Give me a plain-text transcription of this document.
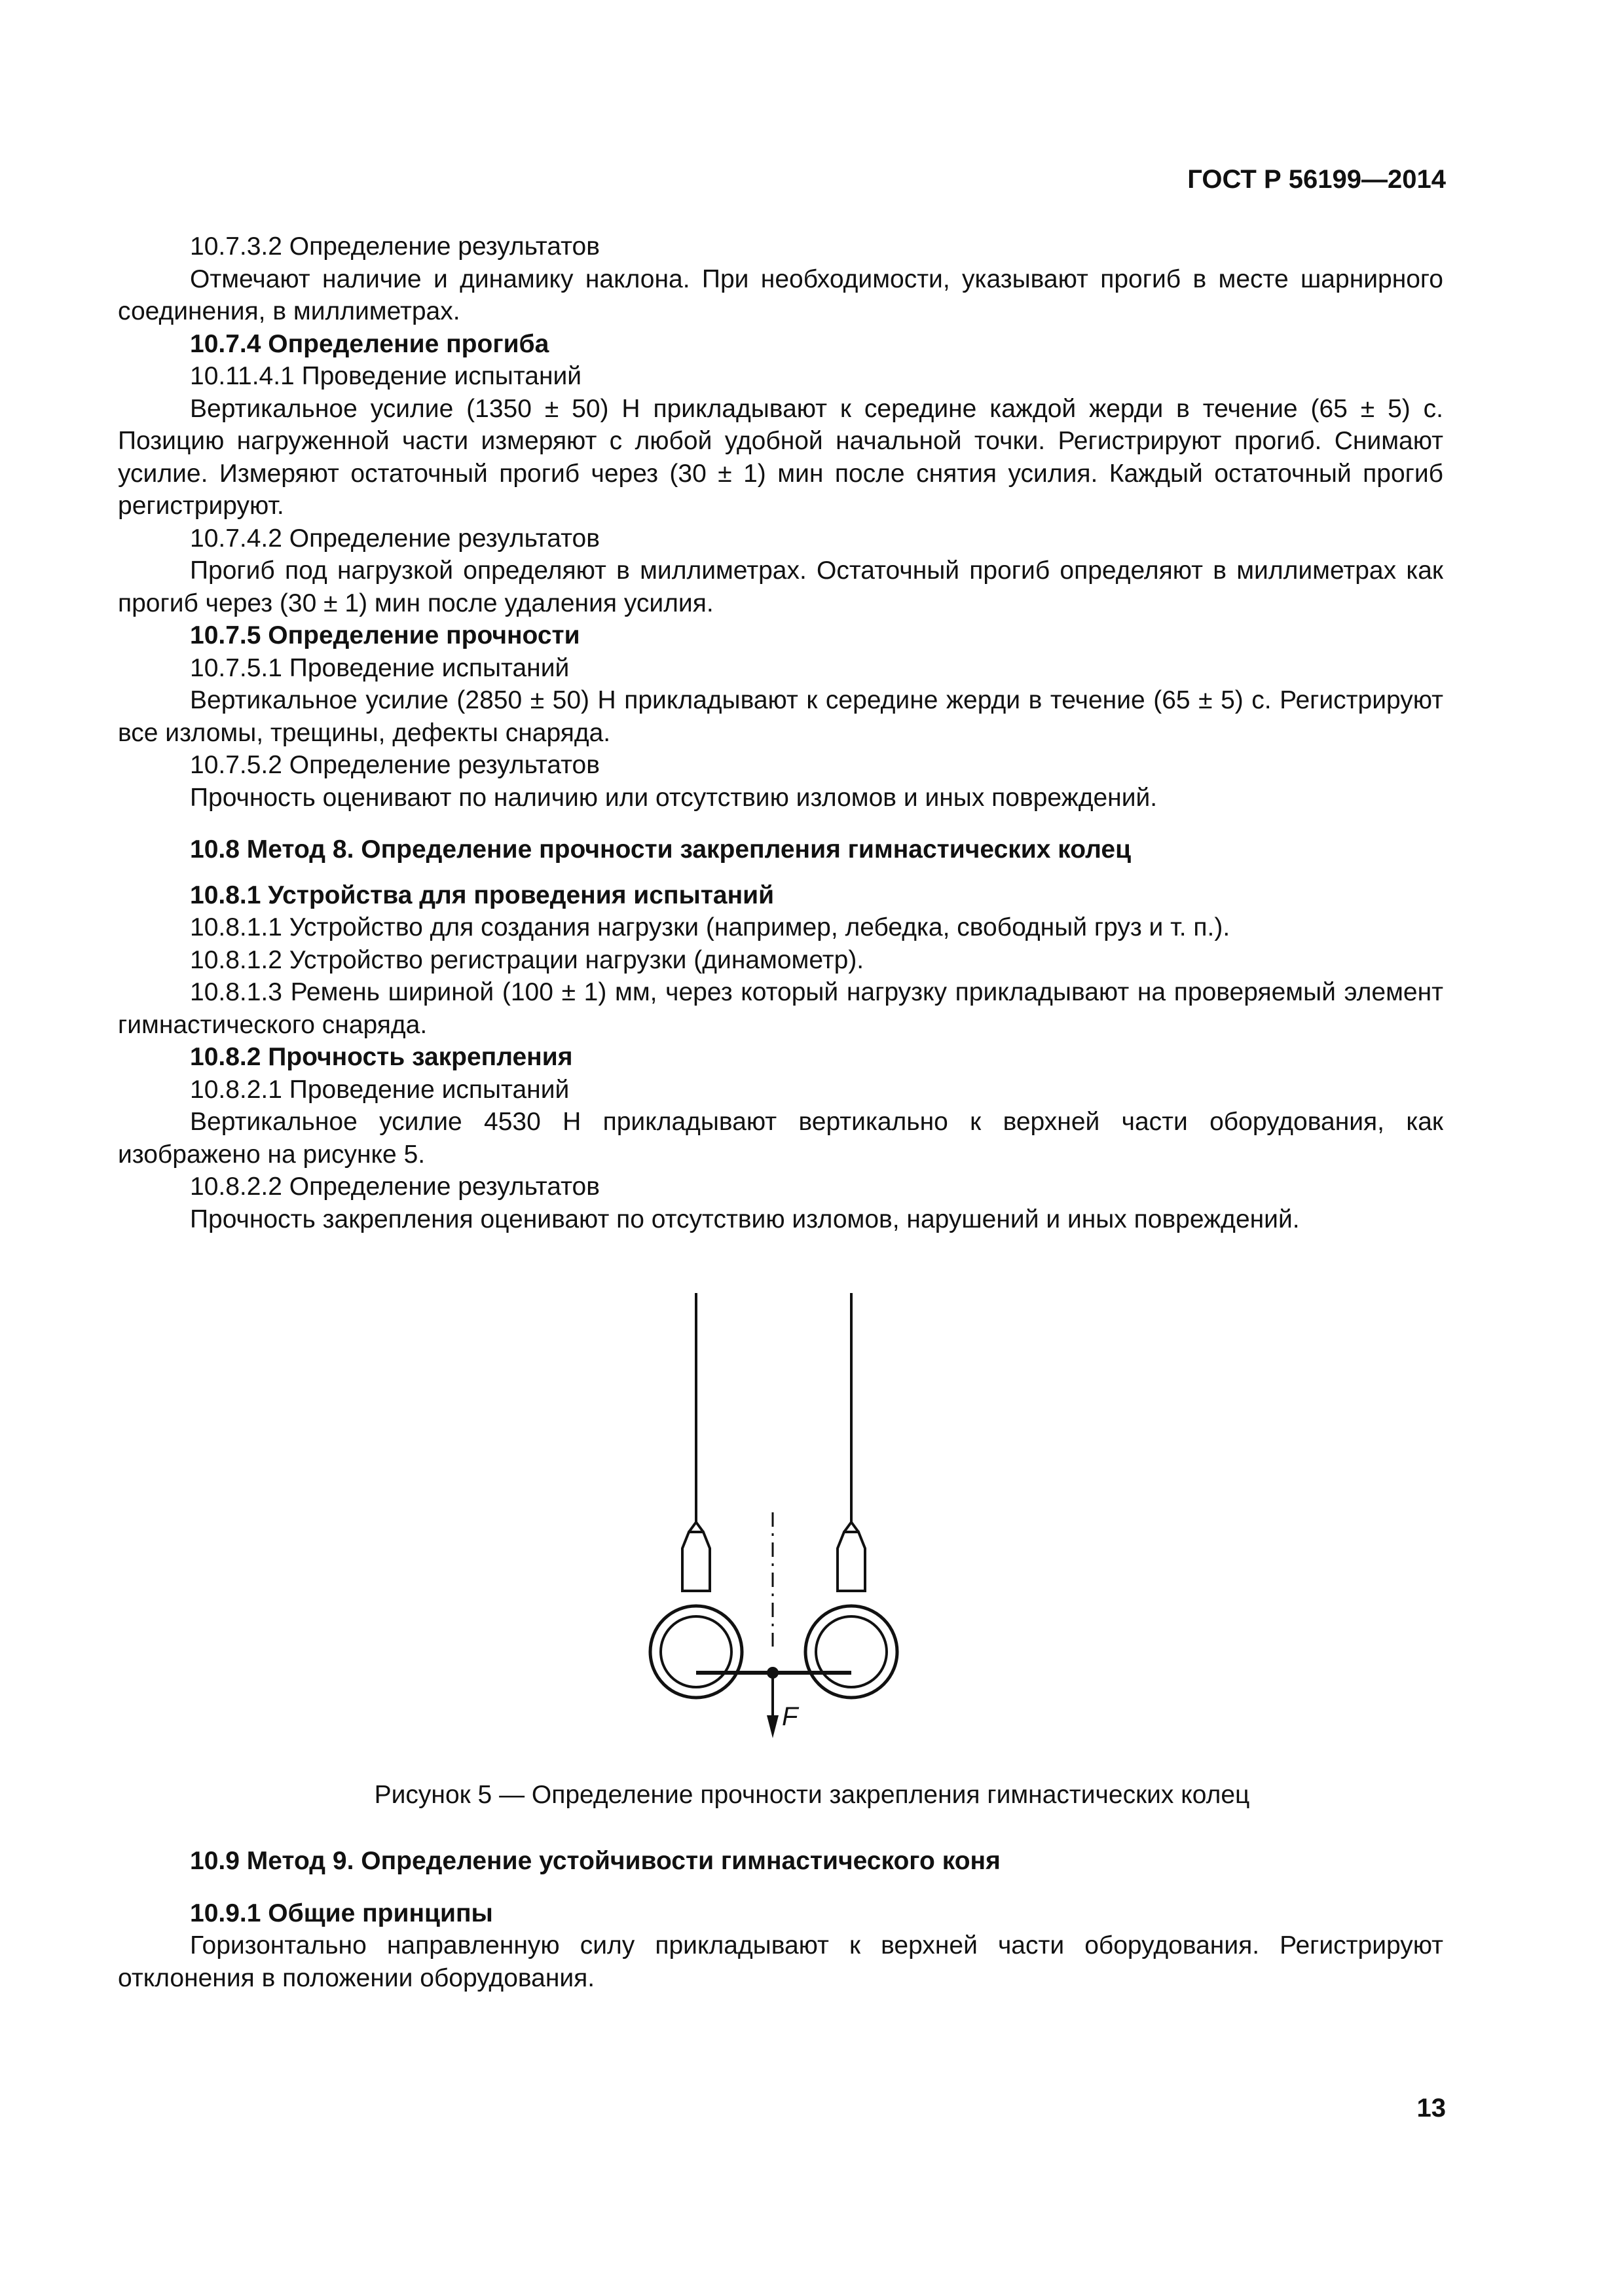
ГОСТ Р 56199—2014

10.7.3.2 Определение результатов

Отмечают наличие и динамику наклона. При необходимости, указывают прогиб в месте шарнирного соединения, в миллиметрах.

10.7.4 Определение прогиба

10.11.4.1 Проведение испытаний

Вертикальное усилие (1350 ± 50) Н прикладывают к середине каждой жерди в течение (65 ± 5) с. Позицию нагруженной части измеряют с любой удобной начальной точки. Регистрируют прогиб. Снимают усилие. Измеряют остаточный прогиб через (30 ± 1) мин после снятия усилия. Каждый остаточный прогиб регистрируют.

10.7.4.2 Определение результатов

Прогиб под нагрузкой определяют в миллиметрах. Остаточный прогиб определяют в миллиметрах как прогиб через (30 ± 1) мин после удаления усилия.

10.7.5 Определение прочности

10.7.5.1 Проведение испытаний

Вертикальное усилие (2850 ± 50) Н прикладывают к середине жерди в течение (65 ± 5) с. Регистрируют все изломы, трещины, дефекты снаряда.

10.7.5.2 Определение результатов

Прочность оценивают по наличию или отсутствию изломов и иных повреждений.

10.8 Метод 8. Определение прочности закрепления гимнастических колец

10.8.1 Устройства для проведения испытаний

10.8.1.1 Устройство для создания нагрузки (например, лебедка, свободный груз и т. п.).

10.8.1.2 Устройство регистрации нагрузки (динамометр).

10.8.1.3 Ремень шириной (100 ± 1) мм, через который нагрузку прикладывают на проверяемый элемент гимнастического снаряда.

10.8.2 Прочность закрепления

10.8.2.1 Проведение испытаний

Вертикальное усилие 4530 Н прикладывают вертикально к верхней части оборудования, как изображено на рисунке 5.

10.8.2.2 Определение результатов

Прочность закрепления оценивают по отсутствию изломов, нарушений и иных повреждений.

F
Рисунок 5 — Определение прочности закрепления гимнастических колец

10.9 Метод 9. Определение устойчивости гимнастического коня

10.9.1 Общие принципы

Горизонтально направленную силу прикладывают к верхней части оборудования. Регистрируют отклонения в положении оборудования.

13
